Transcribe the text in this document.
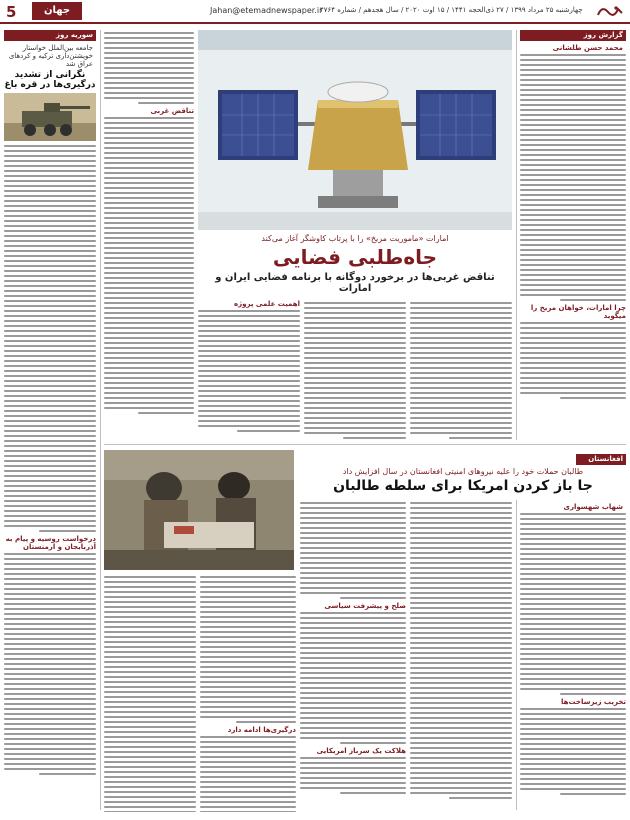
5	جهان	Jahan@etemadnewspaper.ir
چهارشنبه ۲۵ مرداد ۱۳۹۹ / ۲۷ ذی‌الحجه ۱۴۴۱ / ۱۵ اوت ۲۰۲۰ / سال هجدهم / شماره ۴۷۶۴
گزارش روز
محمد حسن طلشانی
چرا امارات، خواهان مریخ را میگوید
امارات «ماموریت مریخ» را با پرتاب کاوشگر آغاز می‌کند
جاه‌طلبی فضایی
تناقض غربی‌ها در برخورد دوگانه با برنامه فضایی ایران و امارات
اهمیت علمی پروژه
تناقض غربی
سوریه روز
جامعه بین‌الملل خواستار خویشتن‌داری ترکیه و کردهای عراق شد
نگرانی از تشدید درگیری‌ها در قره باغ
درخواست روسیه و پیام به آذربایجان و ارمنستان
افغانستان
طالبان حملات خود را علیه نیروهای امنیتی افغانستان در سال افزایش داد
جا باز کردن امریکا برای سلطه طالبان
شهاب شهسواری
تخریب زیرساخت‌ها
صلح و پیشرفت سیاسی
هلاکت یک سرباز امریکایی
درگیری‌ها ادامه دارد
